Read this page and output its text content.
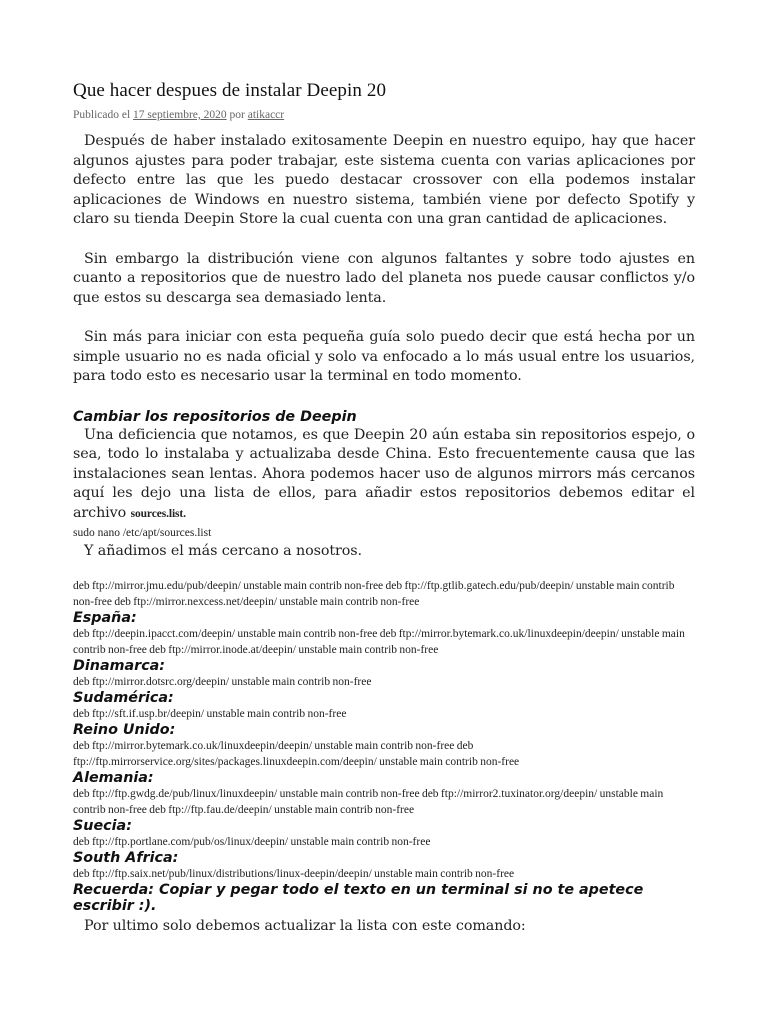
Que hacer despues de instalar Deepin 20
Publicado el 17 septiembre, 2020 por atikaccr

Después de haber instalado exitosamente Deepin en nuestro equipo, hay que hacer algunos ajustes para poder trabajar, este sistema cuenta con varias aplicaciones por defecto entre las que les puedo destacar crossover con ella podemos instalar aplicaciones de Windows en nuestro sistema, también viene por defecto Spotify y claro su tienda Deepin Store la cual cuenta con una gran cantidad de aplicaciones.

Sin embargo la distribución viene con algunos faltantes y sobre todo ajustes en cuanto a repositorios que de nuestro lado del planeta nos puede causar conflictos y/o que estos su descarga sea demasiado lenta.

Sin más para iniciar con esta pequeña guía solo puedo decir que está hecha por un simple usuario no es nada oficial y solo va enfocado a lo más usual entre los usuarios, para todo esto es necesario usar la terminal en todo momento.

Cambiar los repositorios de Deepin

Una deficiencia que notamos, es que Deepin 20 aún estaba sin repositorios espejo, o sea, todo lo instalaba y actualizaba desde China. Esto frecuentemente causa que las instalaciones sean lentas. Ahora podemos hacer uso de algunos mirrors más cercanos aquí les dejo una lista de ellos, para añadir estos repositorios debemos editar el archivo sources.list.

sudo nano /etc/apt/sources.list

Y añadimos el más cercano a nosotros.

deb ftp://mirror.jmu.edu/pub/deepin/ unstable main contrib non-free deb ftp://ftp.gtlib.gatech.edu/pub/deepin/ unstable main contrib non-free deb ftp://mirror.nexcess.net/deepin/ unstable main contrib non-free

España:

deb ftp://deepin.ipacct.com/deepin/ unstable main contrib non-free deb ftp://mirror.bytemark.co.uk/linuxdeepin/deepin/ unstable main contrib non-free deb ftp://mirror.inode.at/deepin/ unstable main contrib non-free

Dinamarca:

deb ftp://mirror.dotsrc.org/deepin/ unstable main contrib non-free

Sudamérica:

deb ftp://sft.if.usp.br/deepin/ unstable main contrib non-free

Reino Unido:

deb ftp://mirror.bytemark.co.uk/linuxdeepin/deepin/ unstable main contrib non-free deb ftp://ftp.mirrorservice.org/sites/packages.linuxdeepin.com/deepin/ unstable main contrib non-free

Alemania:

deb ftp://ftp.gwdg.de/pub/linux/linuxdeepin/ unstable main contrib non-free deb ftp://mirror2.tuxinator.org/deepin/ unstable main contrib non-free deb ftp://ftp.fau.de/deepin/ unstable main contrib non-free

Suecia:

deb ftp://ftp.portlane.com/pub/os/linux/deepin/ unstable main contrib non-free

South Africa:

deb ftp://ftp.saix.net/pub/linux/distributions/linux-deepin/deepin/ unstable main contrib non-free

Recuerda: Copiar y pegar todo el texto en un terminal si no te apetece escribir :).

Por ultimo solo debemos actualizar la lista con este comando:
